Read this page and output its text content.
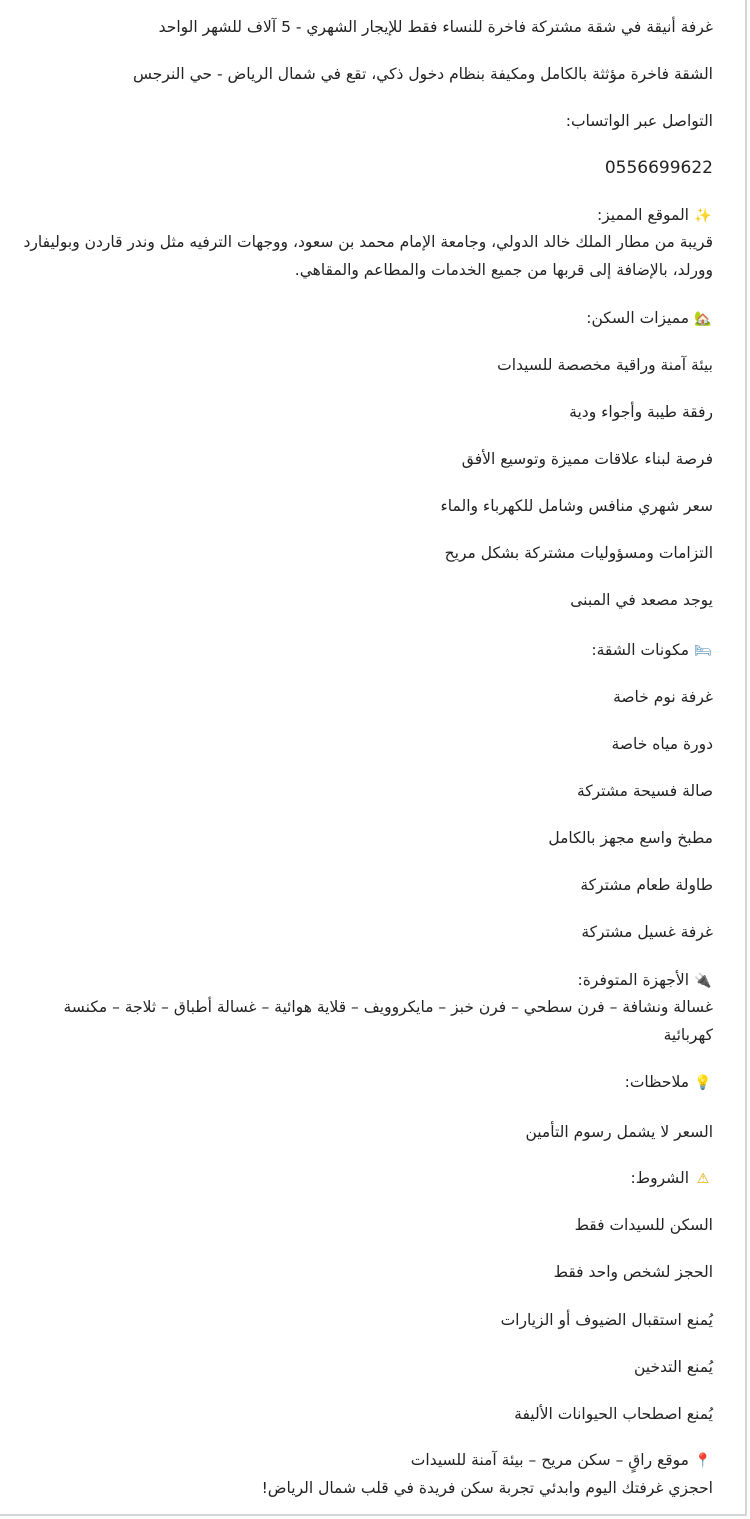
غرفة أنيقة في شقة مشتركة فاخرة للنساء فقط للإيجار الشهري - 5 آلاف للشهر الواحد
الشقة فاخرة مؤثثة بالكامل ومكيفة بنظام دخول ذكي، تقع في شمال الرياض - حي النرجس
التواصل عبر الواتساب:
0556699622
✨الموقع المميز:
قريبة من مطار الملك خالد الدولي، وجامعة الإمام محمد بن سعود، ووجهات الترفيه مثل وندر قاردن وبوليفارد وورلد، بالإضافة إلى قربها من جميع الخدمات والمطاعم والمقاهي.
🏡مميزات السكن:
بيئة آمنة وراقية مخصصة للسيدات
رفقة طيبة وأجواء ودية
فرصة لبناء علاقات مميزة وتوسيع الأفق
سعر شهري منافس وشامل للكهرباء والماء
التزامات ومسؤوليات مشتركة بشكل مريح
يوجد مصعد في المبنى
🛏مكونات الشقة:
غرفة نوم خاصة
دورة مياه خاصة
صالة فسيحة مشتركة
مطبخ واسع مجهز بالكامل
طاولة طعام مشتركة
غرفة غسيل مشتركة
🔌الأجهزة المتوفرة:
غسالة ونشافة – فرن سطحي – فرن خبز – مايكروويف – قلاية هوائية – غسالة أطباق – ثلاجة – مكنسة كهربائية
💡ملاحظات:
السعر لا يشمل رسوم التأمين
⚠الشروط:
السكن للسيدات فقط
الحجز لشخص واحد فقط
يُمنع استقبال الضيوف أو الزيارات
يُمنع التدخين
يُمنع اصطحاب الحيوانات الأليفة
📍موقع راقٍ – سكن مريح – بيئة آمنة للسيدات
احجزي غرفتك اليوم وابدئي تجربة سكن فريدة في قلب شمال الرياض!
